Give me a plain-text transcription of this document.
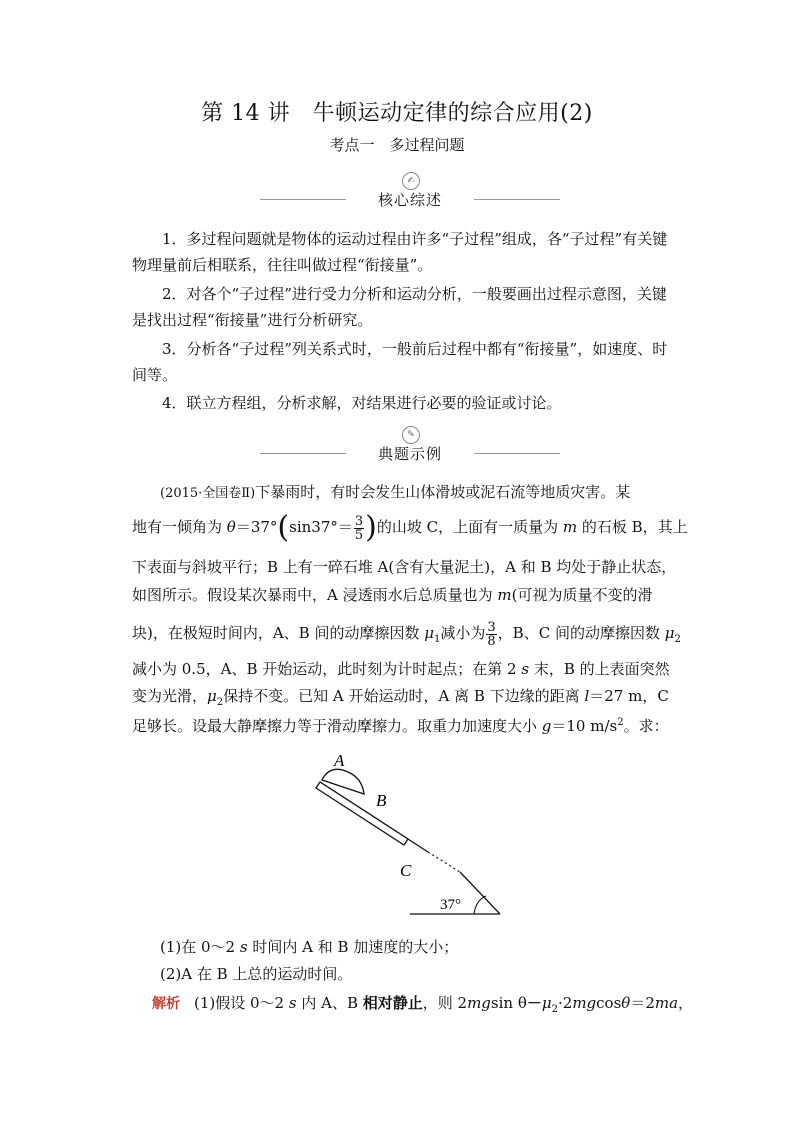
第 14 讲　牛顿运动定律的综合应用(2)
考点一　多过程问题
✍
核心综述

1．多过程问题就是物体的运动过程由许多“子过程”组成，各“子过程”有关键物理量前后相联系，往往叫做过程“衔接量”。

2．对各个“子过程”进行受力分析和运动分析，一般要画出过程示意图，关键是找出过程“衔接量”进行分析研究。

3．分析各“子过程”列关系式时，一般前后过程中都有“衔接量”，如速度、时间等。

4．联立方程组，分析求解，对结果进行必要的验证或讨论。

✎
典题示例
(2015·全国卷Ⅱ)下暴雨时，有时会发生山体滑坡或泥石流等地质灾害。某
地有一倾角为 $\theta=37^\circ(\sin 37^\circ= \frac{3}{5}$ )的山坡 C，上面有一质量为 m 的石板 B，其上
下表面与斜坡平行；B 上有一碎石堆 A(含有大量泥土)，A 和 B 均处于静止状态，
如图所示。假设某次暴雨中，A 浸透雨水后总质量也为 m(可视为质量不变的滑
块)，在极短时间内，A、B 间的动摩擦因数 $\mu_1$减小为 $\frac{3}{8}$ ，B、C 间的动摩擦因数 $\mu_2$
减小为 0.5，A、B 开始运动，此时刻为计时起点；在第 2 s 末，B 的上表面突然
变为光滑，$\mu_2$保持不变。已知 A 开始运动时，A 离 B 下边缘的距离 l＝27 m，C
足够长。设最大静摩擦力等于滑动摩擦力。取重力加速度大小 g＝10 $m/s^2$。求：
A
B
C
37°
(1)在 0～2 s 时间内 A 和 B 加速度的大小；
(2)A 在 B 上总的运动时间。
解析 (1)假设 0～2 s 内 A、B 相对静止，则 2mgsin $\theta-\mu_2\cdot 2mgcos\theta=2ma$，
